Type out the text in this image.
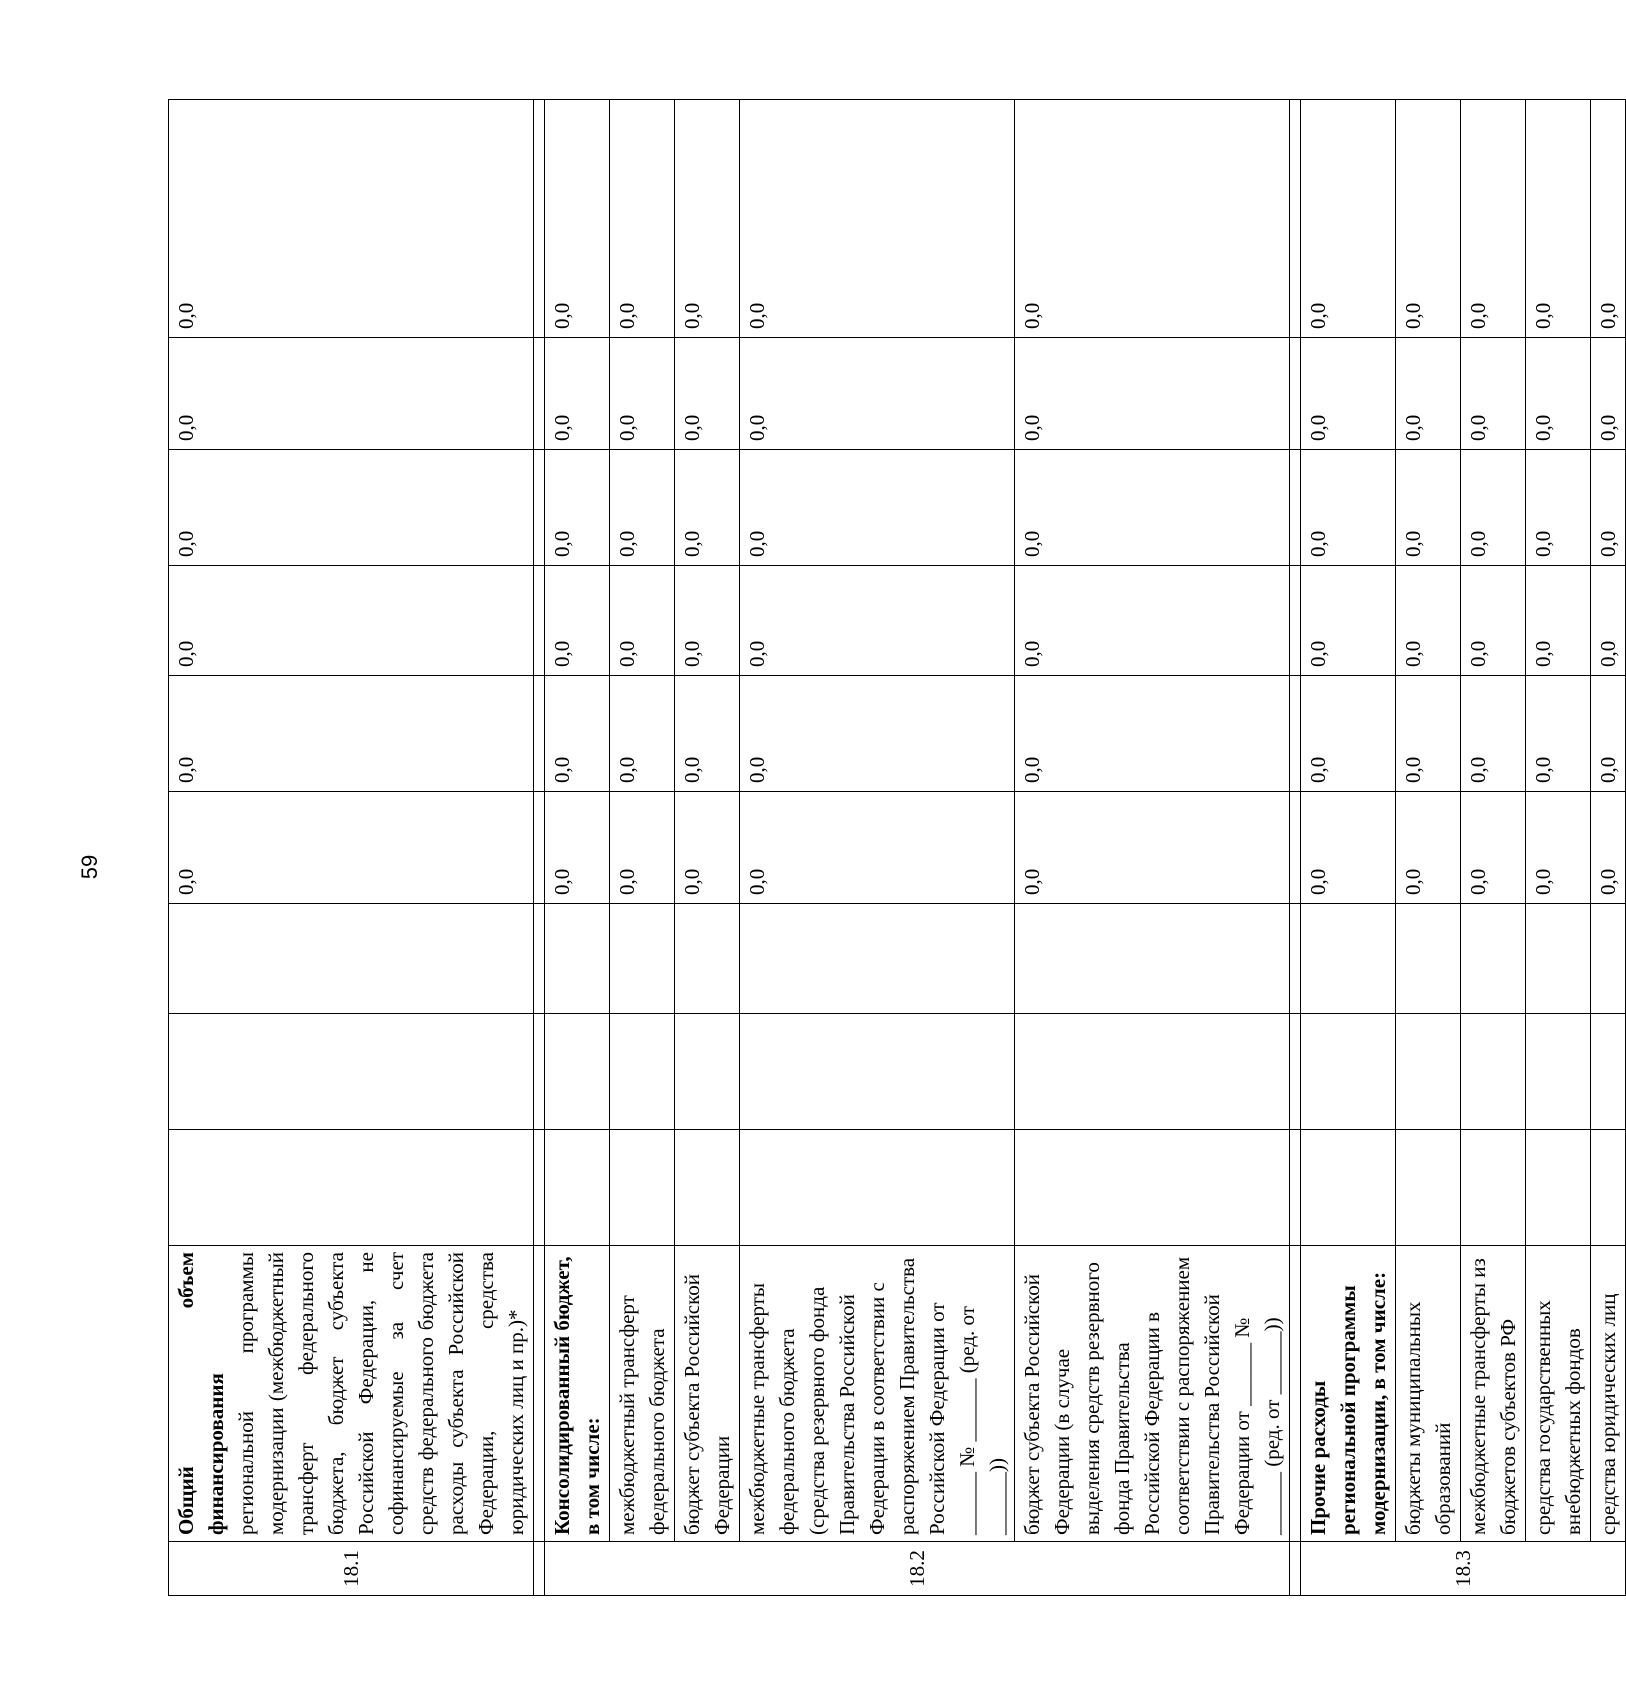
59
18.1	Общий объем финансирования региональной программы модернизации (межбюджетный трансферт федерального бюджета, бюджет субъекта Российской Федерации, не софинансируемые за счет средств федерального бюджета расходы субъекта Российской Федерации, средства юридических лиц и пр.)*				0,0	0,0	0,0	0,0	0,0	0,0

18.2	Консолидированный бюджет, в том числе:				0,0	0,0	0,0	0,0	0,0	0,0
	межбюджетный трансферт федерального бюджета				0,0	0,0	0,0	0,0	0,0	0,0
	бюджет субъекта Российской Федерации				0,0	0,0	0,0	0,0	0,0	0,0
	межбюджетные трансферты федерального бюджета (средства резервного фонда Правительства Российской Федерации в соответствии с распоряжением Правительства Российской Федерации от ______ № ______ (ред. от ______))				0,0	0,0	0,0	0,0	0,0	0,0
	бюджет субъекта Российской Федерации (в случае выделения средств резервного фонда Правительства Российской Федерации в соответствии с распоряжением Правительства Российской Федерации от ______ № ______ (ред. от ______))				0,0	0,0	0,0	0,0	0,0	0,0

18.3	Прочие расходы региональной программы модернизации, в том числе:				0,0	0,0	0,0	0,0	0,0	0,0
	бюджеты муниципальных образований				0,0	0,0	0,0	0,0	0,0	0,0
	межбюджетные трансферты из бюджетов субъектов РФ				0,0	0,0	0,0	0,0	0,0	0,0
	средства государственных внебюджетных фондов				0,0	0,0	0,0	0,0	0,0	0,0
	средства юридических лиц				0,0	0,0	0,0	0,0	0,0	0,0
